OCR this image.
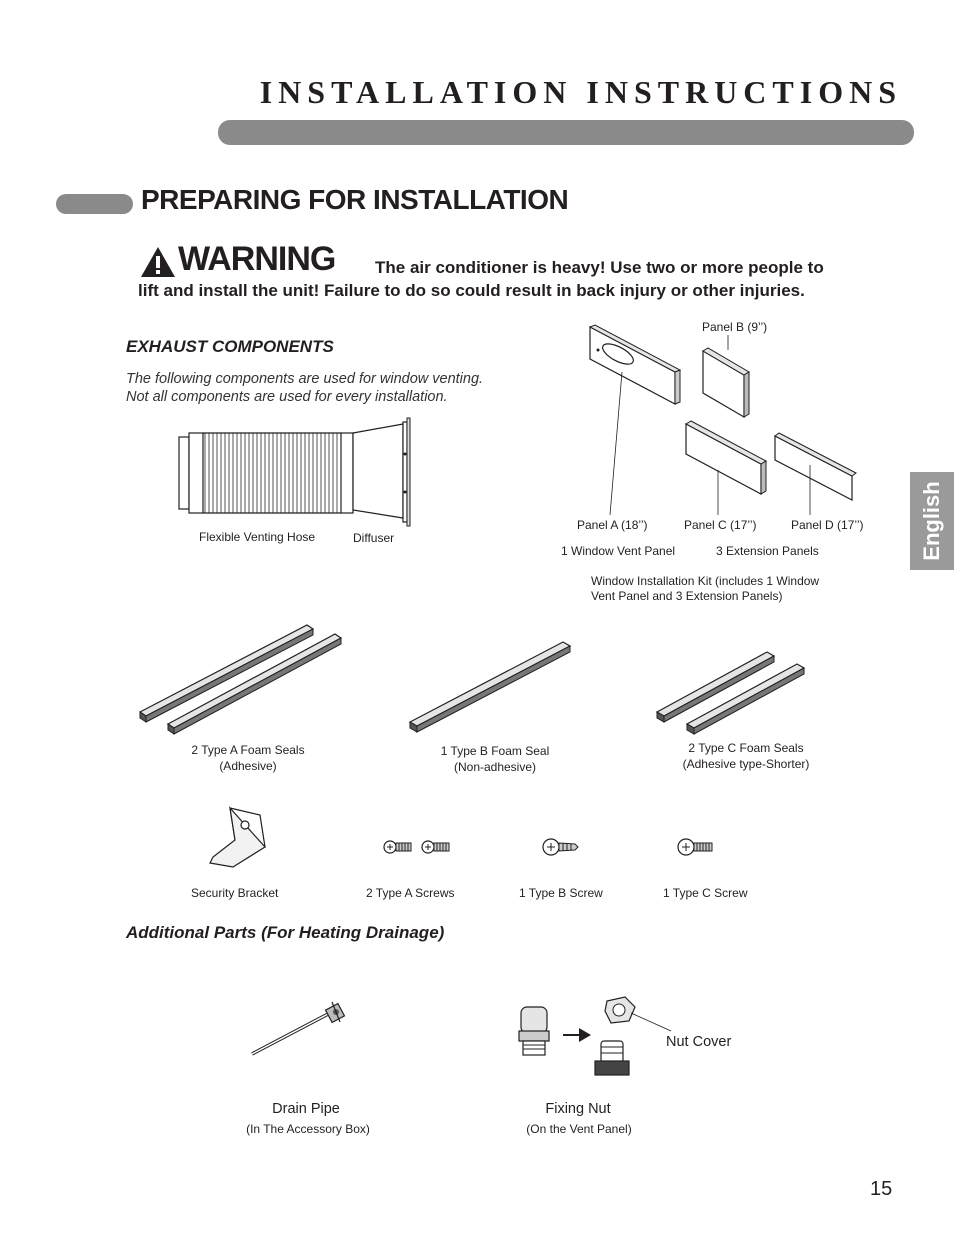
INSTALLATION INSTRUCTIONS
PREPARING FOR INSTALLATION
WARNING The air conditioner is heavy! Use two or more people to
lift and install the unit! Failure to do so could result in back injury or other injuries.
EXHAUST COMPONENTS
The following components are used for window venting.
Not all components are used for every installation.
Flexible Venting Hose	Diffuser
Panel B (9’’)
Panel A (18’’)	Panel C (17’’)	Panel D (17’’)
1 Window Vent Panel	3 Extension Panels
Window Installation Kit (includes 1 Window
Vent Panel and 3 Extension Panels)
2 Type A Foam Seals
(Adhesive)
1 Type B Foam Seal
(Non-adhesive)
2 Type C Foam Seals
(Adhesive type-Shorter)
Security Bracket	2 Type A Screws	1 Type B Screw	1 Type C Screw
Additional Parts (For Heating Drainage)
Nut Cover
Drain Pipe
(In The Accessory Box)
Fixing Nut
(On the Vent Panel)
English
15
